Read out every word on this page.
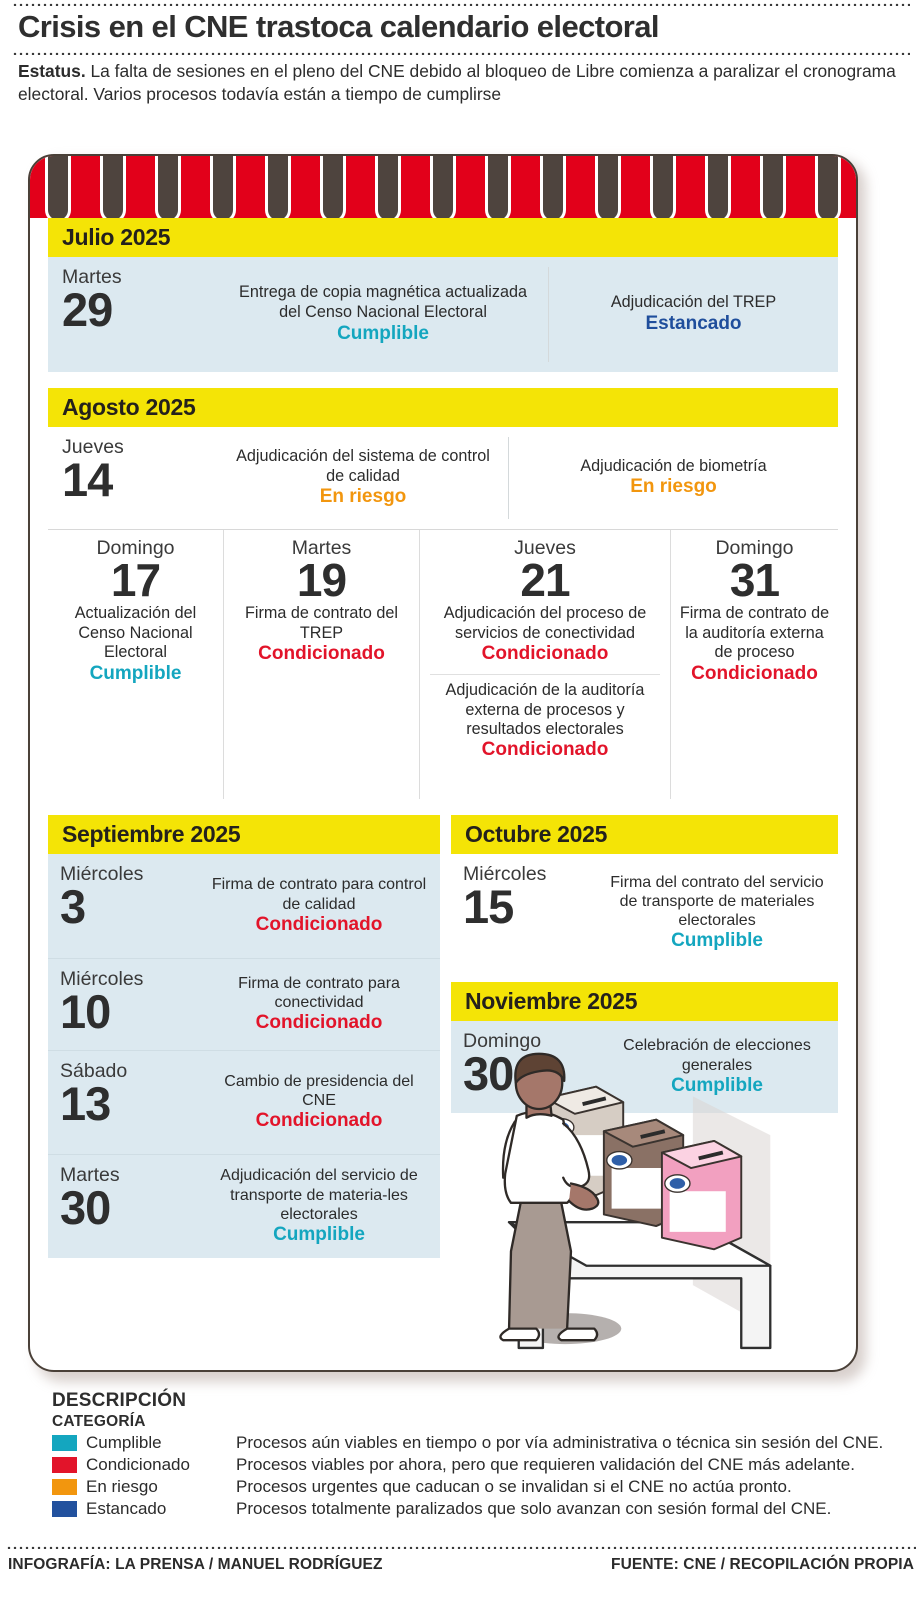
Crisis en el CNE trastoca calendario electoral

Estatus. La falta de sesiones en el pleno del CNE debido al bloqueo de Libre comienza a paralizar el cronograma electoral. Varios procesos todavía están a tiempo de cumplirse

Julio 2025
Martes
29	Entrega de copia magnética actualizada del Censo Nacional Electoral
Cumplible
Adjudicación del TREP
Estancado
Agosto 2025
Jueves
14	Adjudicación del sistema de control de calidad
En riesgo
Adjudicación de biometría
En riesgo
Domingo
17
Actualización del Censo Nacional Electoral
Cumplible
Martes
19
Firma de contrato del TREP
Condicionado
Jueves
21
Adjudicación del proceso de servicios de conectividad
Condicionado
Adjudicación de la auditoría externa de procesos y resultados electorales
Condicionado
Domingo
31
Firma de contrato de la auditoría externa de proceso
Condicionado
Septiembre 2025
Miércoles
3	Firma de contrato para control de calidad
Condicionado
Miércoles
10
Firma de contrato para conectividad
Condicionado
Sábado
13	Cambio de presidencia del CNE
Condicionado
Martes
30
Adjudicación del servicio de transporte de materia-les electorales
Cumplible
Octubre 2025
Miércoles
15	Firma del contrato del servicio de transporte de materiales electorales
Cumplible
Noviembre 2025
Domingo
30
Celebración de elecciones generales
Cumplible
DESCRIPCIÓN
CATEGORÍA
Cumplible	Procesos aún viables en tiempo o por vía administrativa o técnica sin sesión del CNE.
Condicionado	Procesos viables por ahora, pero que requieren validación del CNE más adelante.
En riesgo	Procesos urgentes que caducan o se invalidan si el CNE no actúa pronto.
Estancado	Procesos totalmente paralizados que solo avanzan con sesión formal del CNE.
INFOGRAFÍA: LA PRENSA / MANUEL RODRÍGUEZ	FUENTE: CNE / RECOPILACIÓN PROPIA
